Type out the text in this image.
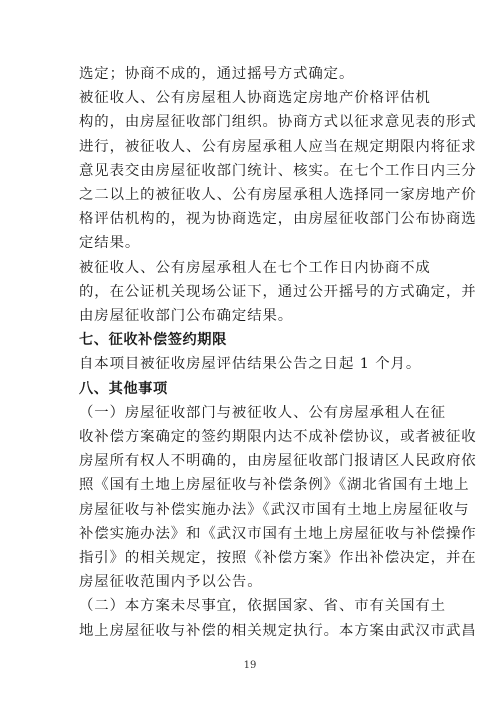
选定；协商不成的，通过摇号方式确定。
被征收人、公有房屋租人协商选定房地产价格评估机
构的，由房屋征收部门组织。协商方式以征求意见表的形式
进行，被征收人、公有房屋承租人应当在规定期限内将征求
意见表交由房屋征收部门统计、核实。在七个工作日内三分
之二以上的被征收人、公有房屋承租人选择同一家房地产价
格评估机构的，视为协商选定，由房屋征收部门公布协商选
定结果。
被征收人、公有房屋承租人在七个工作日内协商不成
的，在公证机关现场公证下，通过公开摇号的方式确定，并
由房屋征收部门公布确定结果。
七、征收补偿签约期限
自本项目被征收房屋评估结果公告之日起 1 个月。
八、其他事项
（一）房屋征收部门与被征收人、公有房屋承租人在征
收补偿方案确定的签约期限内达不成补偿协议，或者被征收
房屋所有权人不明确的，由房屋征收部门报请区人民政府依
照《国有土地上房屋征收与补偿条例》《湖北省国有土地上
房屋征收与补偿实施办法》《武汉市国有土地上房屋征收与
补偿实施办法》和《武汉市国有土地上房屋征收与补偿操作
指引》的相关规定，按照《补偿方案》作出补偿决定，并在
房屋征收范围内予以公告。
（二）本方案未尽事宜，依据国家、省、市有关国有土
地上房屋征收与补偿的相关规定执行。本方案由武汉市武昌
19
